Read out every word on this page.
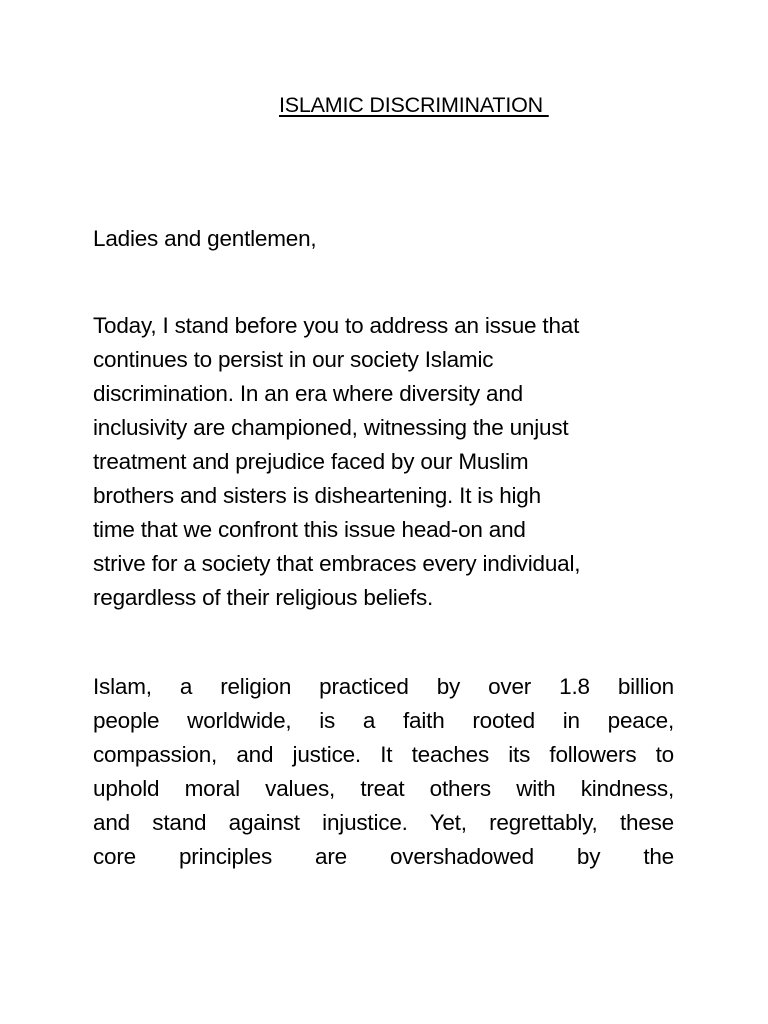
ISLAMIC DISCRIMINATION
Ladies and gentlemen,
Today, I stand before you to address an issue that
continues to persist in our society Islamic
discrimination. In an era where diversity and
inclusivity are championed, witnessing the unjust
treatment and prejudice faced by our Muslim
brothers and sisters is disheartening. It is high
time that we confront this issue head-on and
strive for a society that embraces every individual,
regardless of their religious beliefs.
Islam, a religion practiced by over 1.8 billion
people worldwide, is a faith rooted in peace,
compassion, and justice. It teaches its followers to
uphold moral values, treat others with kindness,
and stand against injustice. Yet, regrettably, these
core principles are overshadowed by the
